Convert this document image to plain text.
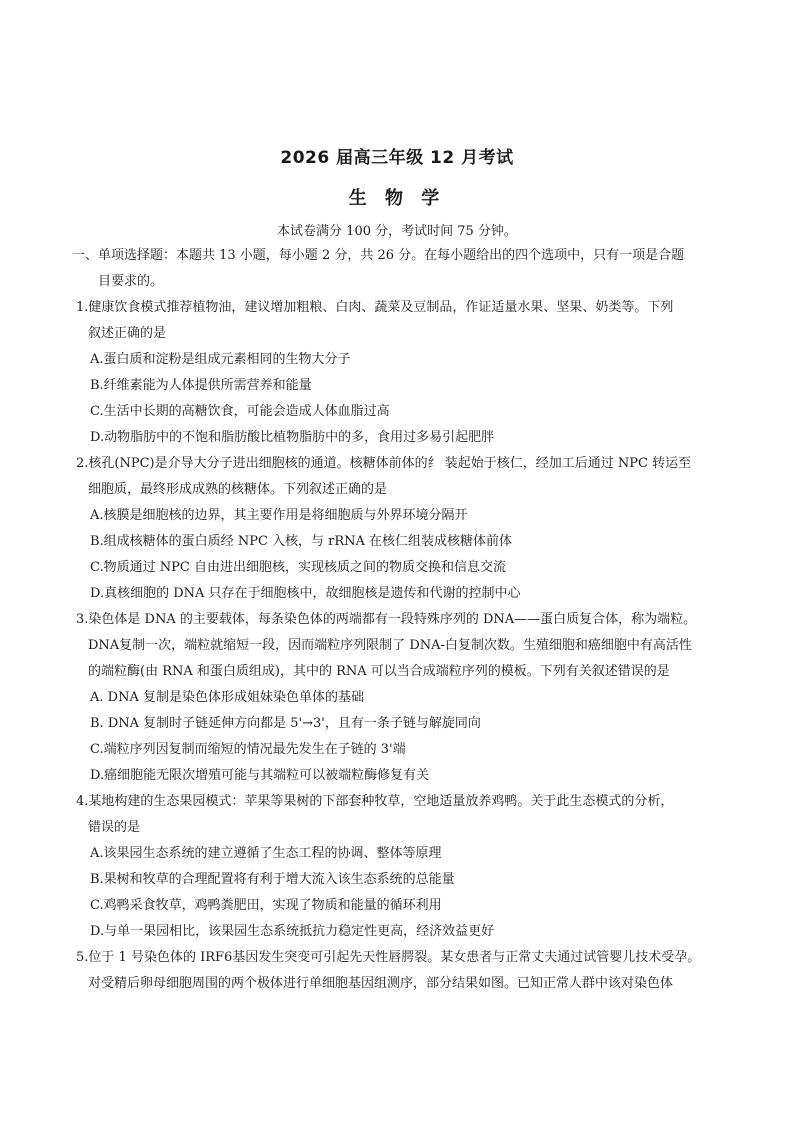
2026 届高三年级 12 月考试
生 物 学
本试卷满分 100 分，考试时间 75 分钟。
一、单项选择题：本题共 13 小题，每小题 2 分，共 26 分。在每小题给出的四个选项中，只有一项是合题
目要求的。
1.健康饮食模式推荐植物油，建议增加粗粮、白肉、蔬菜及豆制品，作证适量水果、坚果、奶类等。下列
叙述正确的是
A.蛋白质和淀粉是组成元素相同的生物大分子
B.纤维素能为人体提供所需营养和能量
C.生活中长期的高糖饮食，可能会造成人体血脂过高
D.动物脂肪中的不饱和脂肪酸比植物脂肪中的多，食用过多易引起肥胖
2.核孔(NPC)是介导大分子进出细胞核的通道。核糖体前体的纟 装起始于核仁，经加工后通过 NPC 转运至
细胞质，最终形成成熟的核糖体。下列叙述正确的是
A.核膜是细胞核的边界，其主要作用是将细胞质与外界环境分隔开
B.组成核糖体的蛋白质经 NPC 入核，与 rRNA 在核仁组装成核糖体前体
C.物质通过 NPC 自由进出细胞核，实现核质之间的物质交换和信息交流
D.真核细胞的 DNA 只存在于细胞核中，故细胞核是遗传和代谢的控制中心
3.染色体是 DNA 的主要载体，每条染色体的两端都有一段特殊序列的 DNA——蛋白质复合体，称为端粒。
DNA复制一次，端粒就缩短一段，因而端粒序列限制了 DNA-白复制次数。生殖细胞和癌细胞中有高活性
的端粒酶(由 RNA 和蛋白质组成)，其中的 RNA 可以当合成端粒序列的模板。下列有关叙述错误的是
A. DNA 复制是染色体形成姐妹染色单体的基础
B. DNA 复制时子链延伸方向都是 5'→3'，且有一条子链与解旋同向
C.端粒序列因复制而缩短的情况最先发生在子链的 3'端
D.癌细胞能无限次增殖可能与其端粒可以被端粒酶修复有关
4.某地构建的生态果园模式：苹果等果树的下部套种牧草，空地适量放养鸡鸭。关于此生态模式的分析，
错误的是
A.该果园生态系统的建立遵循了生态工程的协调、整体等原理
B.果树和牧草的合理配置将有利于增大流入该生态系统的总能量
C.鸡鸭采食牧草，鸡鸭粪肥田，实现了物质和能量的循环利用
D.与单一果园相比，该果园生态系统抵抗力稳定性更高，经济效益更好
5.位于 1 号染色体的 IRF6基因发生突变可引起先天性唇腭裂。某女患者与正常丈夫通过试管婴儿技术受孕。
对受精后卵母细胞周围的两个极体进行单细胞基因组测序，部分结果如图。已知正常人群中该对染色体
